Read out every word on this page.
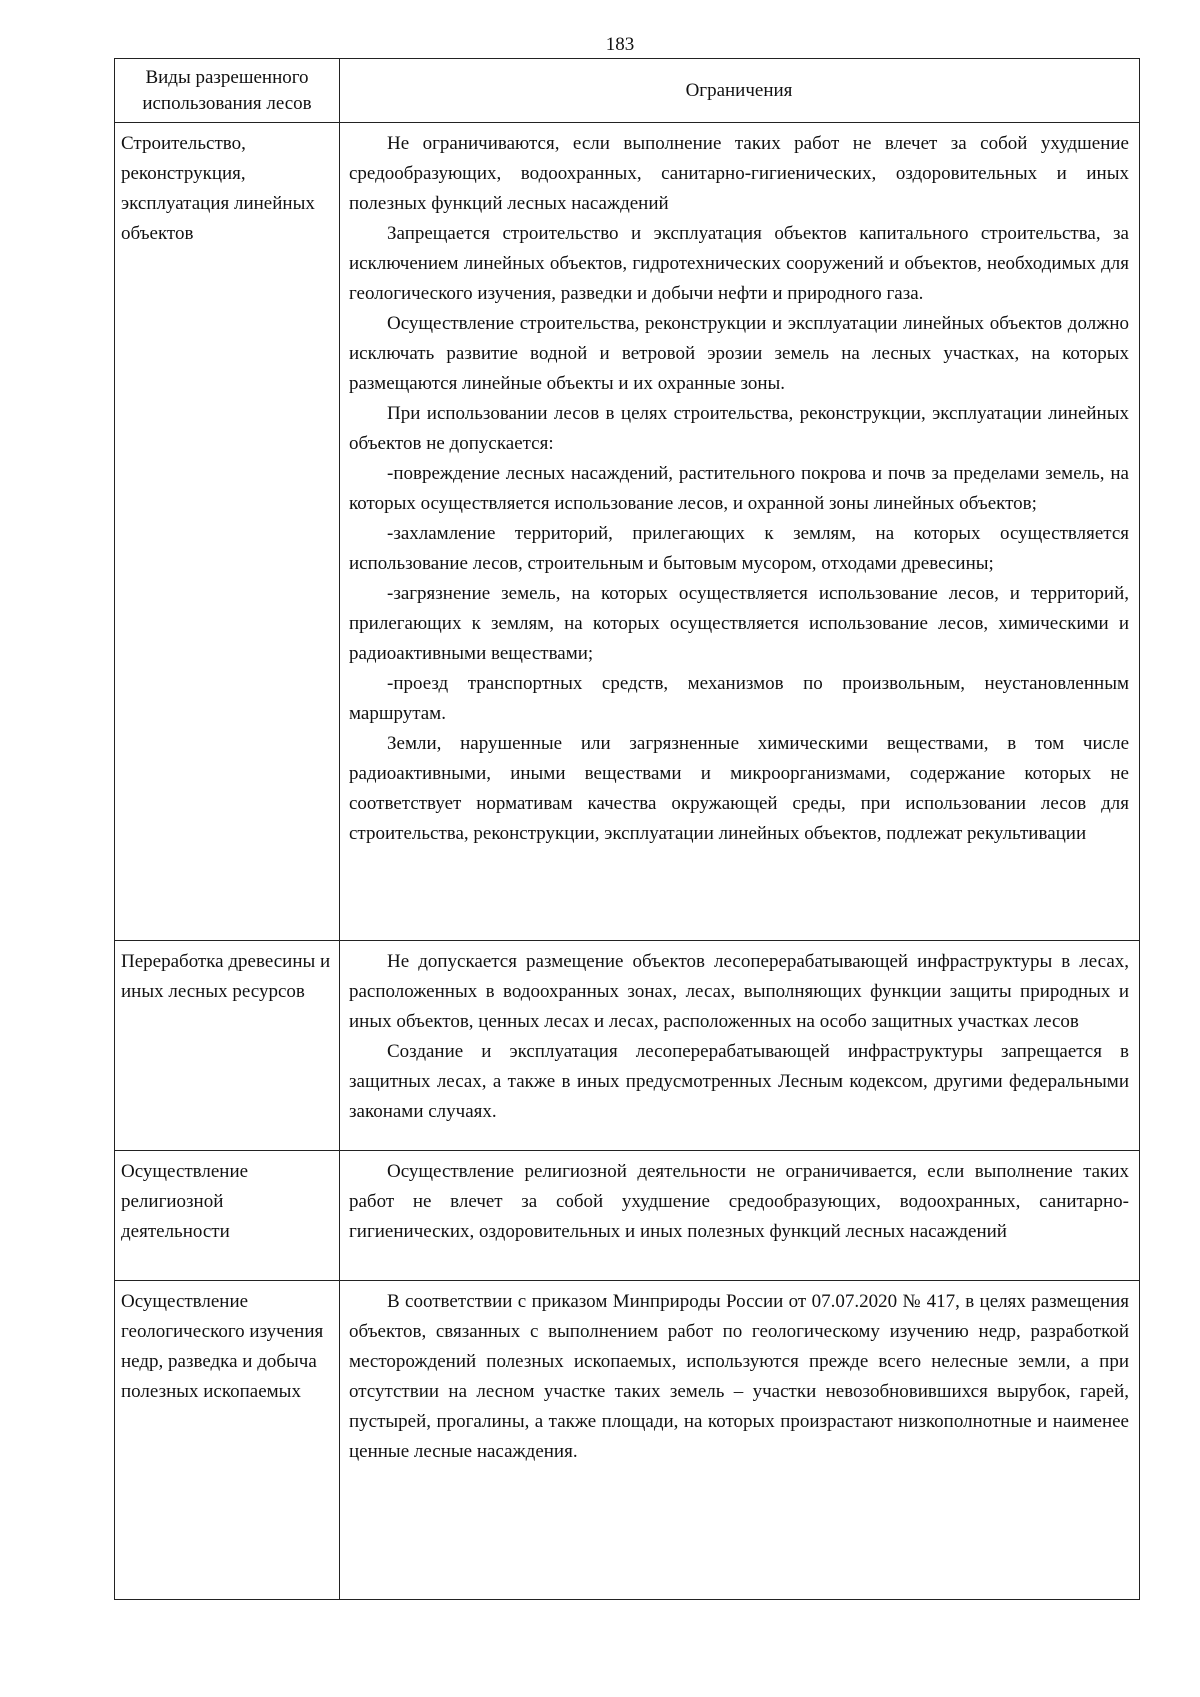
183
Виды разрешенного использования лесов
Ограничения
Строительство, реконструкция, эксплуатация линейных объектов

Не ограничиваются, если выполнение таких работ не влечет за собой ухудшение средообразующих, водоохранных, санитарно-гигиенических, оздоровительных и иных полезных функций лесных насаждений

Запрещается строительство и эксплуатация объектов капитального строительства, за исключением линейных объектов, гидротехнических сооружений и объектов, необходимых для геологического изучения, разведки и добычи нефти и природного газа.

Осуществление строительства, реконструкции и эксплуатации линейных объектов должно исключать развитие водной и ветровой эрозии земель на лесных участках, на которых размещаются линейные объекты и их охранные зоны.

При использовании лесов в целях строительства, реконструкции, эксплуатации линейных объектов не допускается:

-повреждение лесных насаждений, растительного покрова и почв за пределами земель, на которых осуществляется использование лесов, и охранной зоны линейных объектов;

-захламление территорий, прилегающих к землям, на которых осуществляется использование лесов, строительным и бытовым мусором, отходами древесины;

-загрязнение земель, на которых осуществляется использование лесов, и территорий, прилегающих к землям, на которых осуществляется использование лесов, химическими и радиоактивными веществами;

-проезд транспортных средств, механизмов по произвольным, неустановленным маршрутам.

Земли, нарушенные или загрязненные химическими веществами, в том числе радиоактивными, иными веществами и микроорганизмами, содержание которых не соответствует нормативам качества окружающей среды, при использовании лесов для строительства, реконструкции, эксплуатации линейных объектов, подлежат рекультивации

Переработка древесины и иных лесных ресурсов

Не допускается размещение объектов лесоперерабатывающей инфраструктуры в лесах, расположенных в водоохранных зонах, лесах, выполняющих функции защиты природных и иных объектов, ценных лесах и лесах, расположенных на особо защитных участках лесов

Создание и эксплуатация лесоперерабатывающей инфраструктуры запрещается в защитных лесах, а также в иных предусмотренных Лесным кодексом, другими федеральными законами случаях.

Осуществление религиозной деятельности

Осуществление религиозной деятельности не ограничивается, если выполнение таких работ не влечет за собой ухудшение средообразующих, водоохранных, санитарно-гигиенических, оздоровительных и иных полезных функций лесных насаждений

Осуществление геологического изучения недр, разведка и добыча полезных ископаемых

В соответствии с приказом Минприроды России от 07.07.2020 № 417, в целях размещения объектов, связанных с выполнением работ по геологическому изучению недр, разработкой месторождений полезных ископаемых, используются прежде всего нелесные земли, а при отсутствии на лесном участке таких земель – участки невозобновившихся вырубок, гарей, пустырей, прогалины, а также площади, на которых произрастают низкополнотные и наименее ценные лесные насаждения.
